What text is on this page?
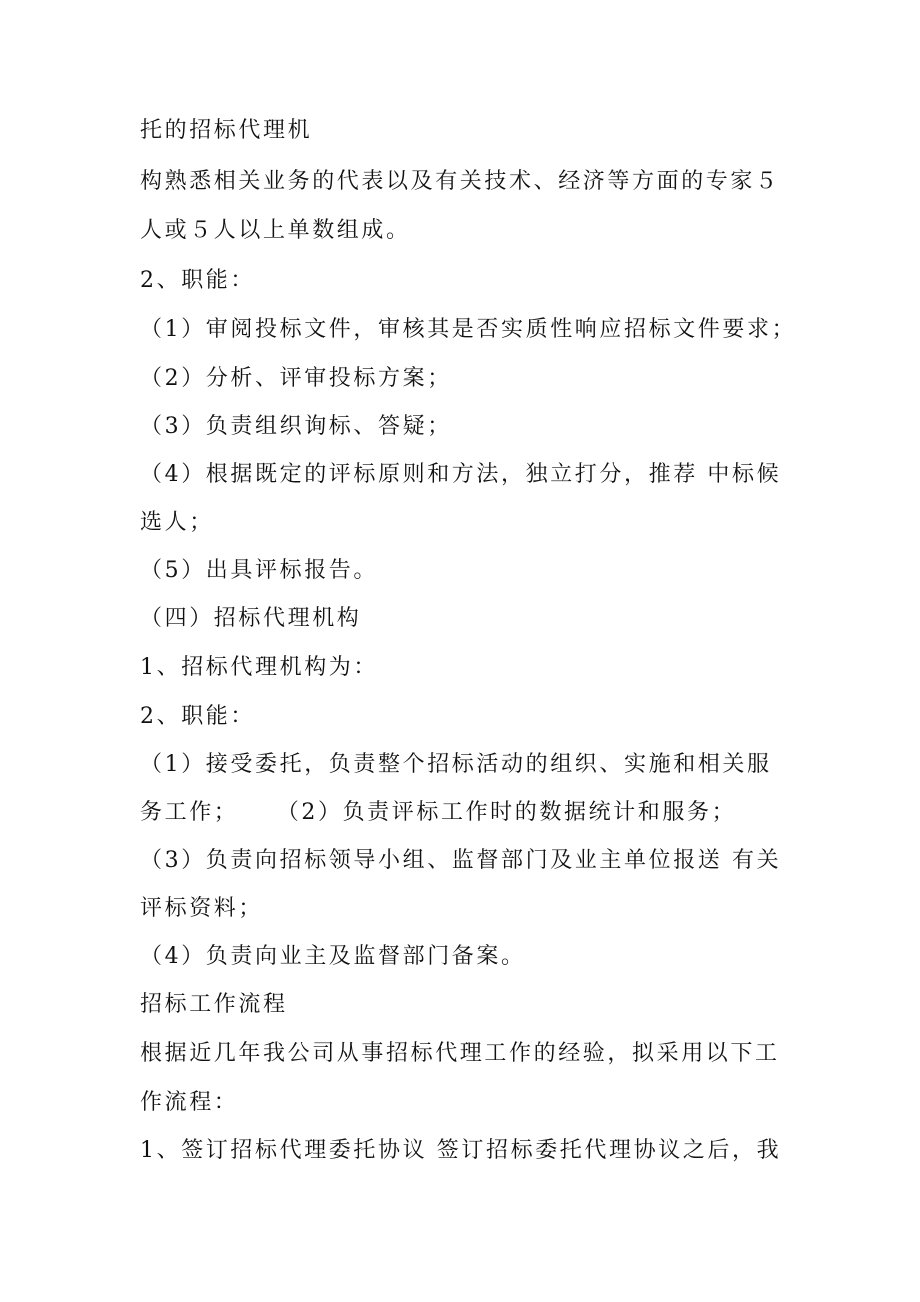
托的招标代理机
构熟悉相关业务的代表以及有关技术、经济等方面的专家５
人或５人以上单数组成。
2、职能：
（1）审阅投标文件，审核其是否实质性响应招标文件要求；
（2）分析、评审投标方案；
（3）负责组织询标、答疑；
（4）根据既定的评标原则和方法，独立打分，推荐 中标候
选人；
（5）出具评标报告。
（四）招标代理机构
1、招标代理机构为：
2、职能：
（1）接受委托，负责整个招标活动的组织、实施和相关服
务工作；    （2）负责评标工作时的数据统计和服务；
（3）负责向招标领导小组、监督部门及业主单位报送 有关
评标资料；
（4）负责向业主及监督部门备案。
招标工作流程
根据近几年我公司从事招标代理工作的经验，拟采用以下工
作流程：
1、签订招标代理委托协议 签订招标委托代理协议之后，我
